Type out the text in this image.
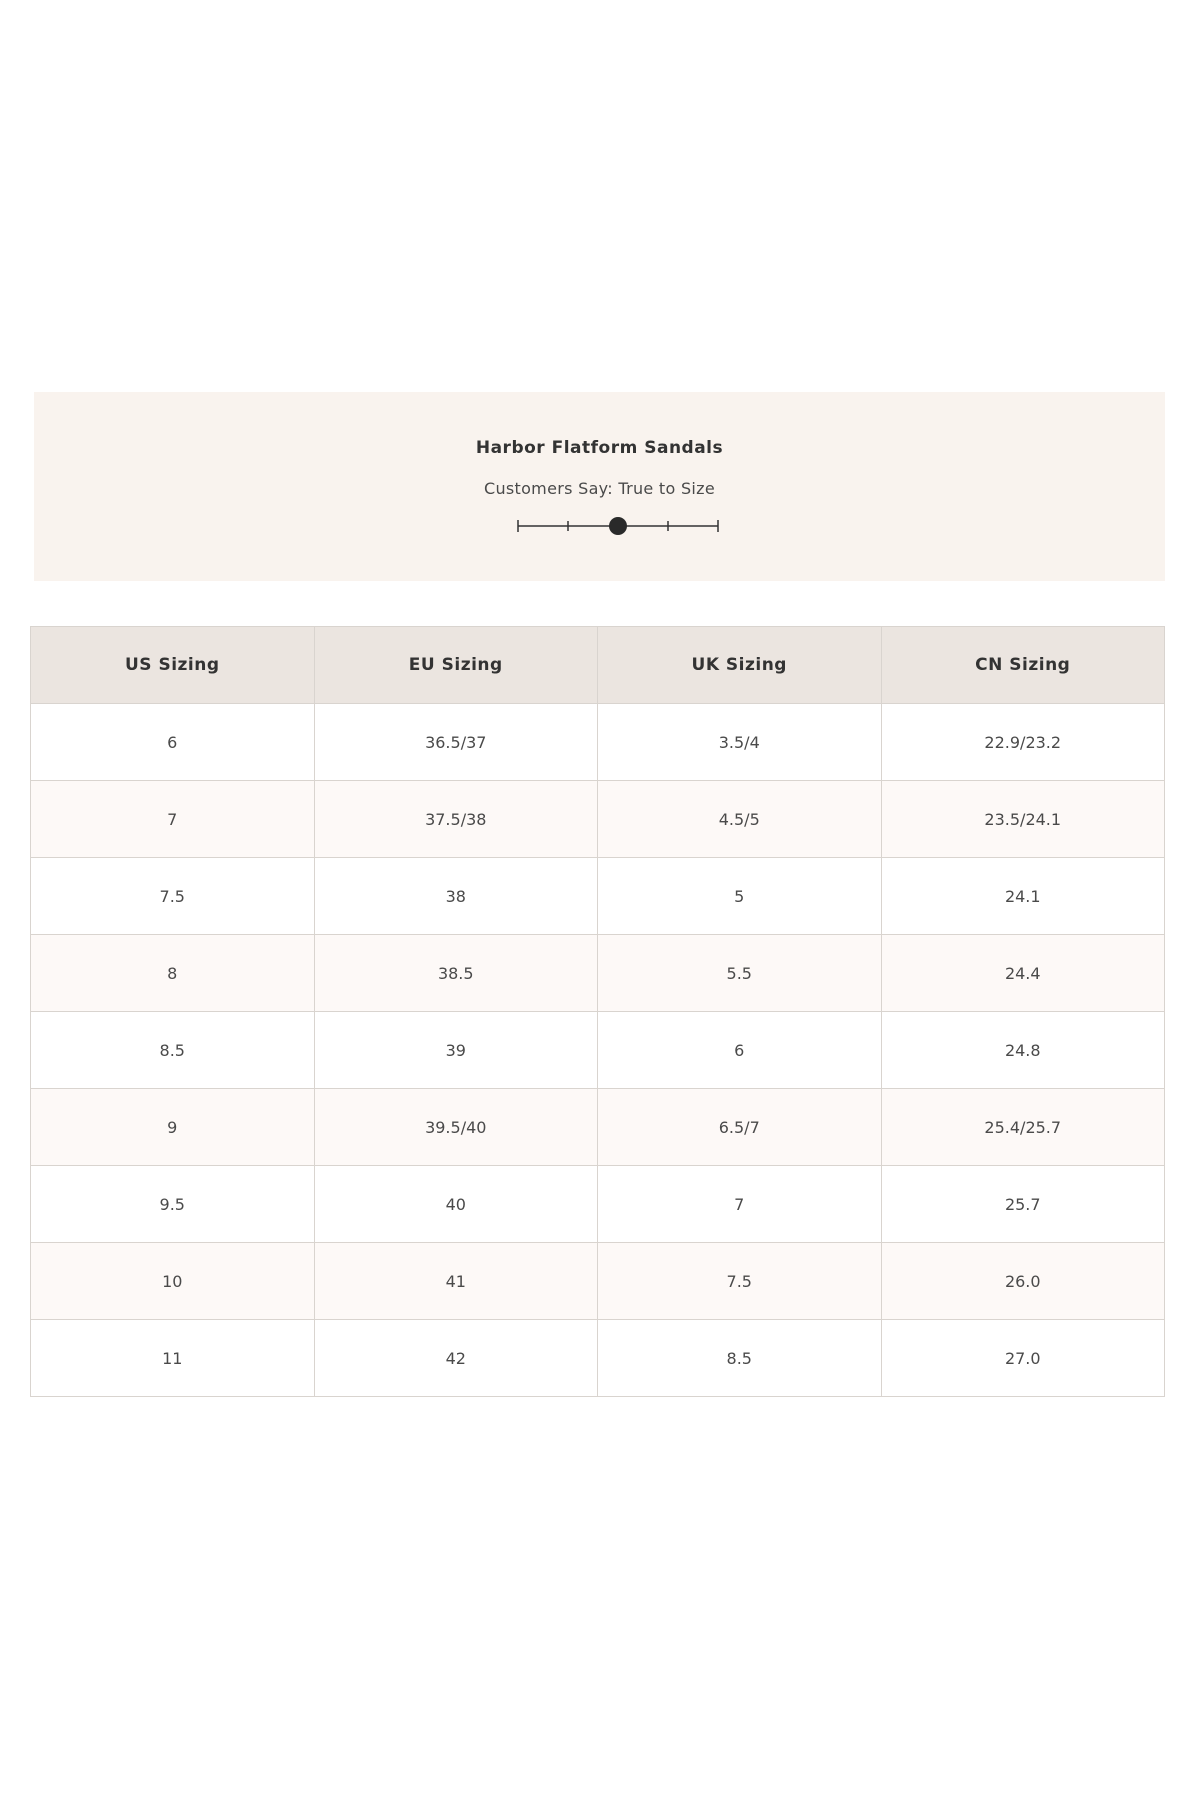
Harbor Flatform Sandals
Customers Say: True to Size
US Sizing	EU Sizing	UK Sizing	CN Sizing
6	36.5/37	3.5/4	22.9/23.2
7	37.5/38	4.5/5	23.5/24.1
7.5	38	5	24.1
8	38.5	5.5	24.4
8.5	39	6	24.8
9	39.5/40	6.5/7	25.4/25.7
9.5	40	7	25.7
10	41	7.5	26.0
11	42	8.5	27.0
